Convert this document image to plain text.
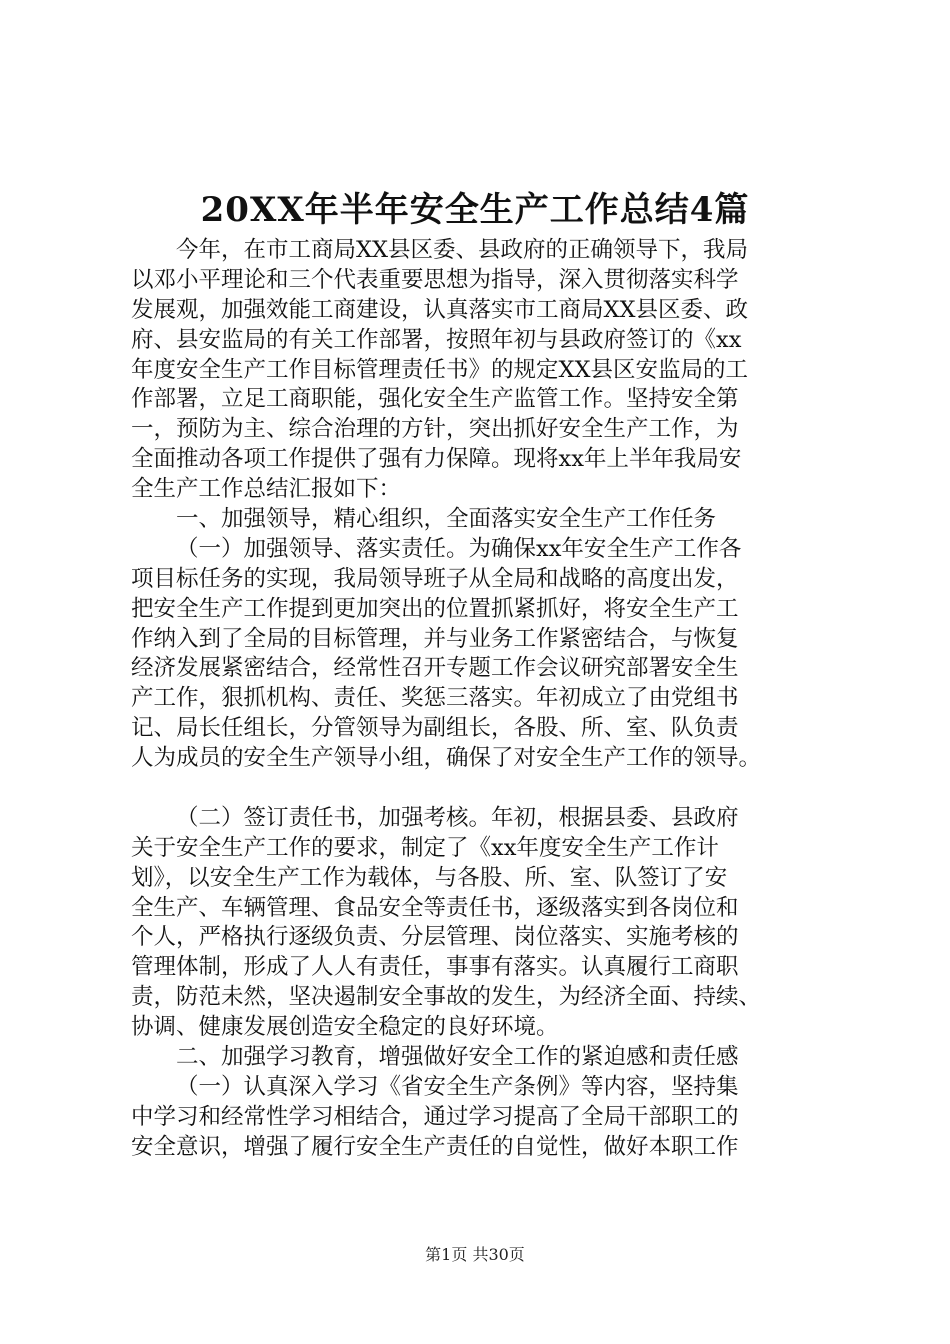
20XX年半年安全生产工作总结4篇
今年，在市工商局XX县区委、县政府的正确领导下，我局
以邓小平理论和三个代表重要思想为指导，深入贯彻落实科学
发展观，加强效能工商建设，认真落实市工商局XX县区委、政
府、县安监局的有关工作部署，按照年初与县政府签订的《xx
年度安全生产工作目标管理责任书》的规定XX县区安监局的工
作部署，立足工商职能，强化安全生产监管工作。坚持安全第
一，预防为主、综合治理的方针，突出抓好安全生产工作，为
全面推动各项工作提供了强有力保障。现将xx年上半年我局安
全生产工作总结汇报如下：
一、加强领导，精心组织，全面落实安全生产工作任务
（一）加强领导、落实责任。为确保xx年安全生产工作各
项目标任务的实现，我局领导班子从全局和战略的高度出发，
把安全生产工作提到更加突出的位置抓紧抓好，将安全生产工
作纳入到了全局的目标管理，并与业务工作紧密结合，与恢复
经济发展紧密结合，经常性召开专题工作会议研究部署安全生
产工作，狠抓机构、责任、奖惩三落实。年初成立了由党组书
记、局长任组长，分管领导为副组长，各股、所、室、队负责
人为成员的安全生产领导小组，确保了对安全生产工作的领导。
（二）签订责任书，加强考核。年初，根据县委、县政府
关于安全生产工作的要求，制定了《xx年度安全生产工作计
划》，以安全生产工作为载体，与各股、所、室、队签订了安
全生产、车辆管理、食品安全等责任书，逐级落实到各岗位和
个人，严格执行逐级负责、分层管理、岗位落实、实施考核的
管理体制，形成了人人有责任，事事有落实。认真履行工商职
责，防范未然，坚决遏制安全事故的发生，为经济全面、持续、
协调、健康发展创造安全稳定的良好环境。
二、加强学习教育，增强做好安全工作的紧迫感和责任感
（一）认真深入学习《省安全生产条例》等内容，坚持集
中学习和经常性学习相结合，通过学习提高了全局干部职工的
安全意识，增强了履行安全生产责任的自觉性，做好本职工作
第1页 共30页
